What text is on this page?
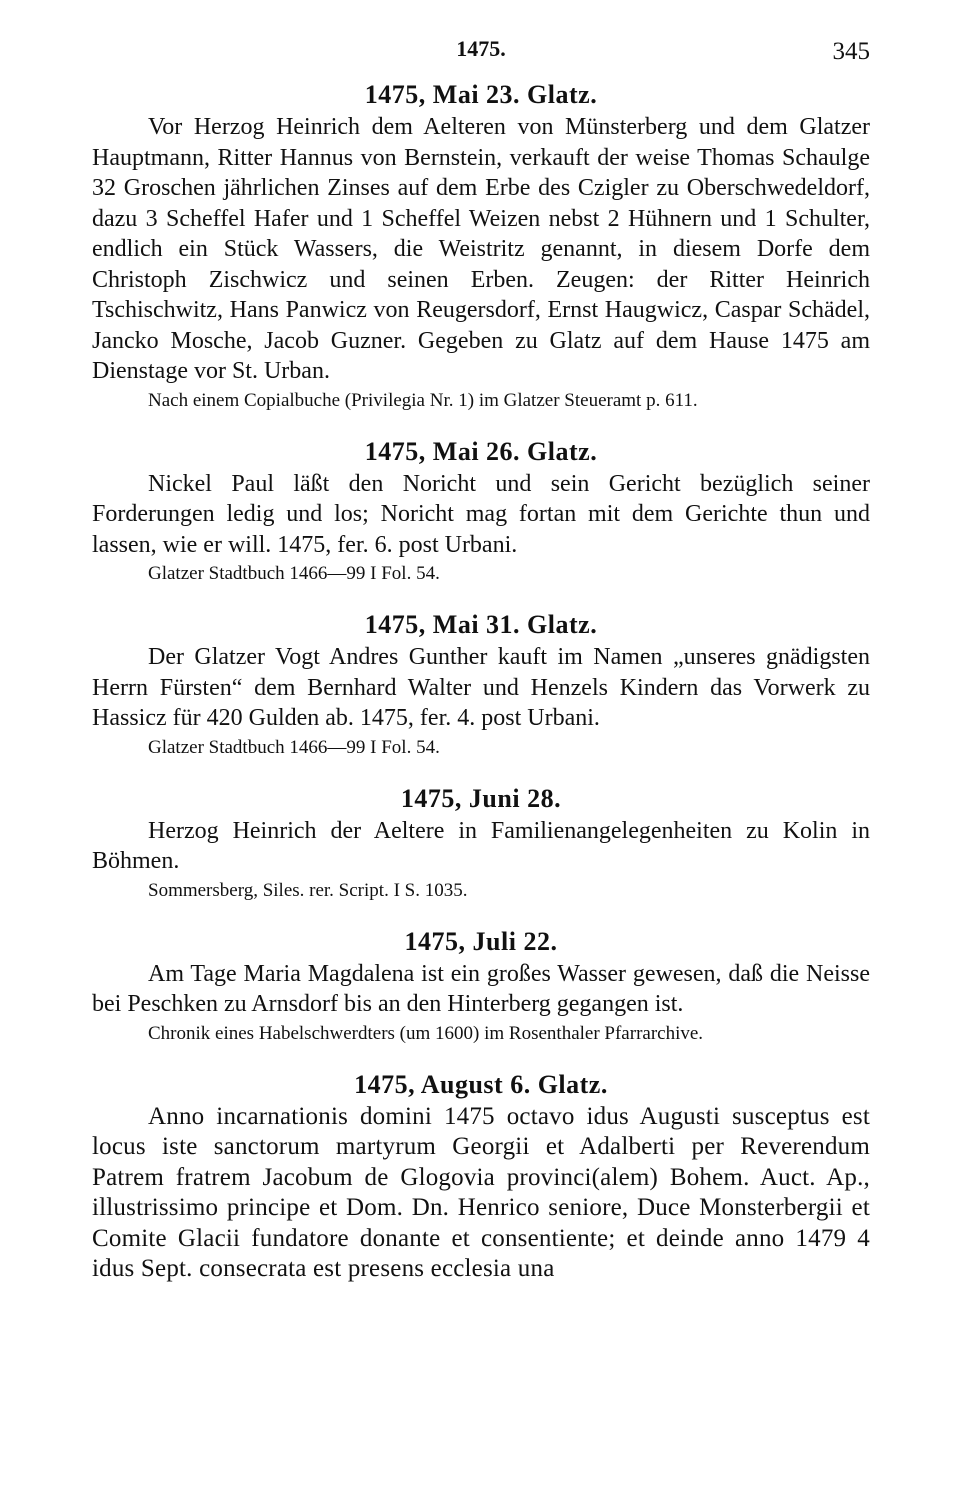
1475.	345

1475, Mai 23. Glatz.

Vor Herzog Heinrich dem Aelteren von Münsterberg und dem Glatzer Hauptmann, Ritter Hannus von Bernstein, verkauft der weise Thomas Schaulge 32 Groschen jährlichen Zinses auf dem Erbe des Czigler zu Oberschwedeldorf, dazu 3 Scheffel Hafer und 1 Scheffel Weizen nebst 2 Hühnern und 1 Schulter, endlich ein Stück Wassers, die Weistritz genannt, in diesem Dorfe dem Christoph Zischwicz und seinen Erben. Zeugen: der Ritter Heinrich Tschischwitz, Hans Panwicz von Reugersdorf, Ernst Haugwicz, Caspar Schädel, Jancko Mosche, Jacob Guzner. Gegeben zu Glatz auf dem Hause 1475 am Dienstage vor St. Urban.

Nach einem Copialbuche (Privilegia Nr. 1) im Glatzer Steueramt p. 611.

1475, Mai 26. Glatz.

Nickel Paul läßt den Noricht und sein Gericht bezüglich seiner Forderungen ledig und los; Noricht mag fortan mit dem Gerichte thun und lassen, wie er will. 1475, fer. 6. post Urbani.

Glatzer Stadtbuch 1466—99 I Fol. 54.

1475, Mai 31. Glatz.

Der Glatzer Vogt Andres Gunther kauft im Namen „unseres gnädigsten Herrn Fürsten“ dem Bernhard Walter und Henzels Kindern das Vorwerk zu Hassicz für 420 Gulden ab. 1475, fer. 4. post Urbani.

Glatzer Stadtbuch 1466—99 I Fol. 54.

1475, Juni 28.

Herzog Heinrich der Aeltere in Familienangelegenheiten zu Kolin in Böhmen.

Sommersberg, Siles. rer. Script. I S. 1035.

1475, Juli 22.

Am Tage Maria Magdalena ist ein großes Wasser gewesen, daß die Neisse bei Peschken zu Arnsdorf bis an den Hinterberg gegangen ist.

Chronik eines Habelschwerdters (um 1600) im Rosenthaler Pfarrarchive.

1475, August 6. Glatz.

Anno incarnationis domini 1475 octavo idus Augusti susceptus est locus iste sanctorum martyrum Georgii et Adalberti per Reverendum Patrem fratrem Jacobum de Glogovia provinci(alem) Bohem. Auct. Ap., illustrissimo principe et Dom. Dn. Henrico seniore, Duce Monsterbergii et Comite Glacii fundatore donante et consentiente; et deinde anno 1479 4 idus Sept. consecrata est presens ecclesia una
